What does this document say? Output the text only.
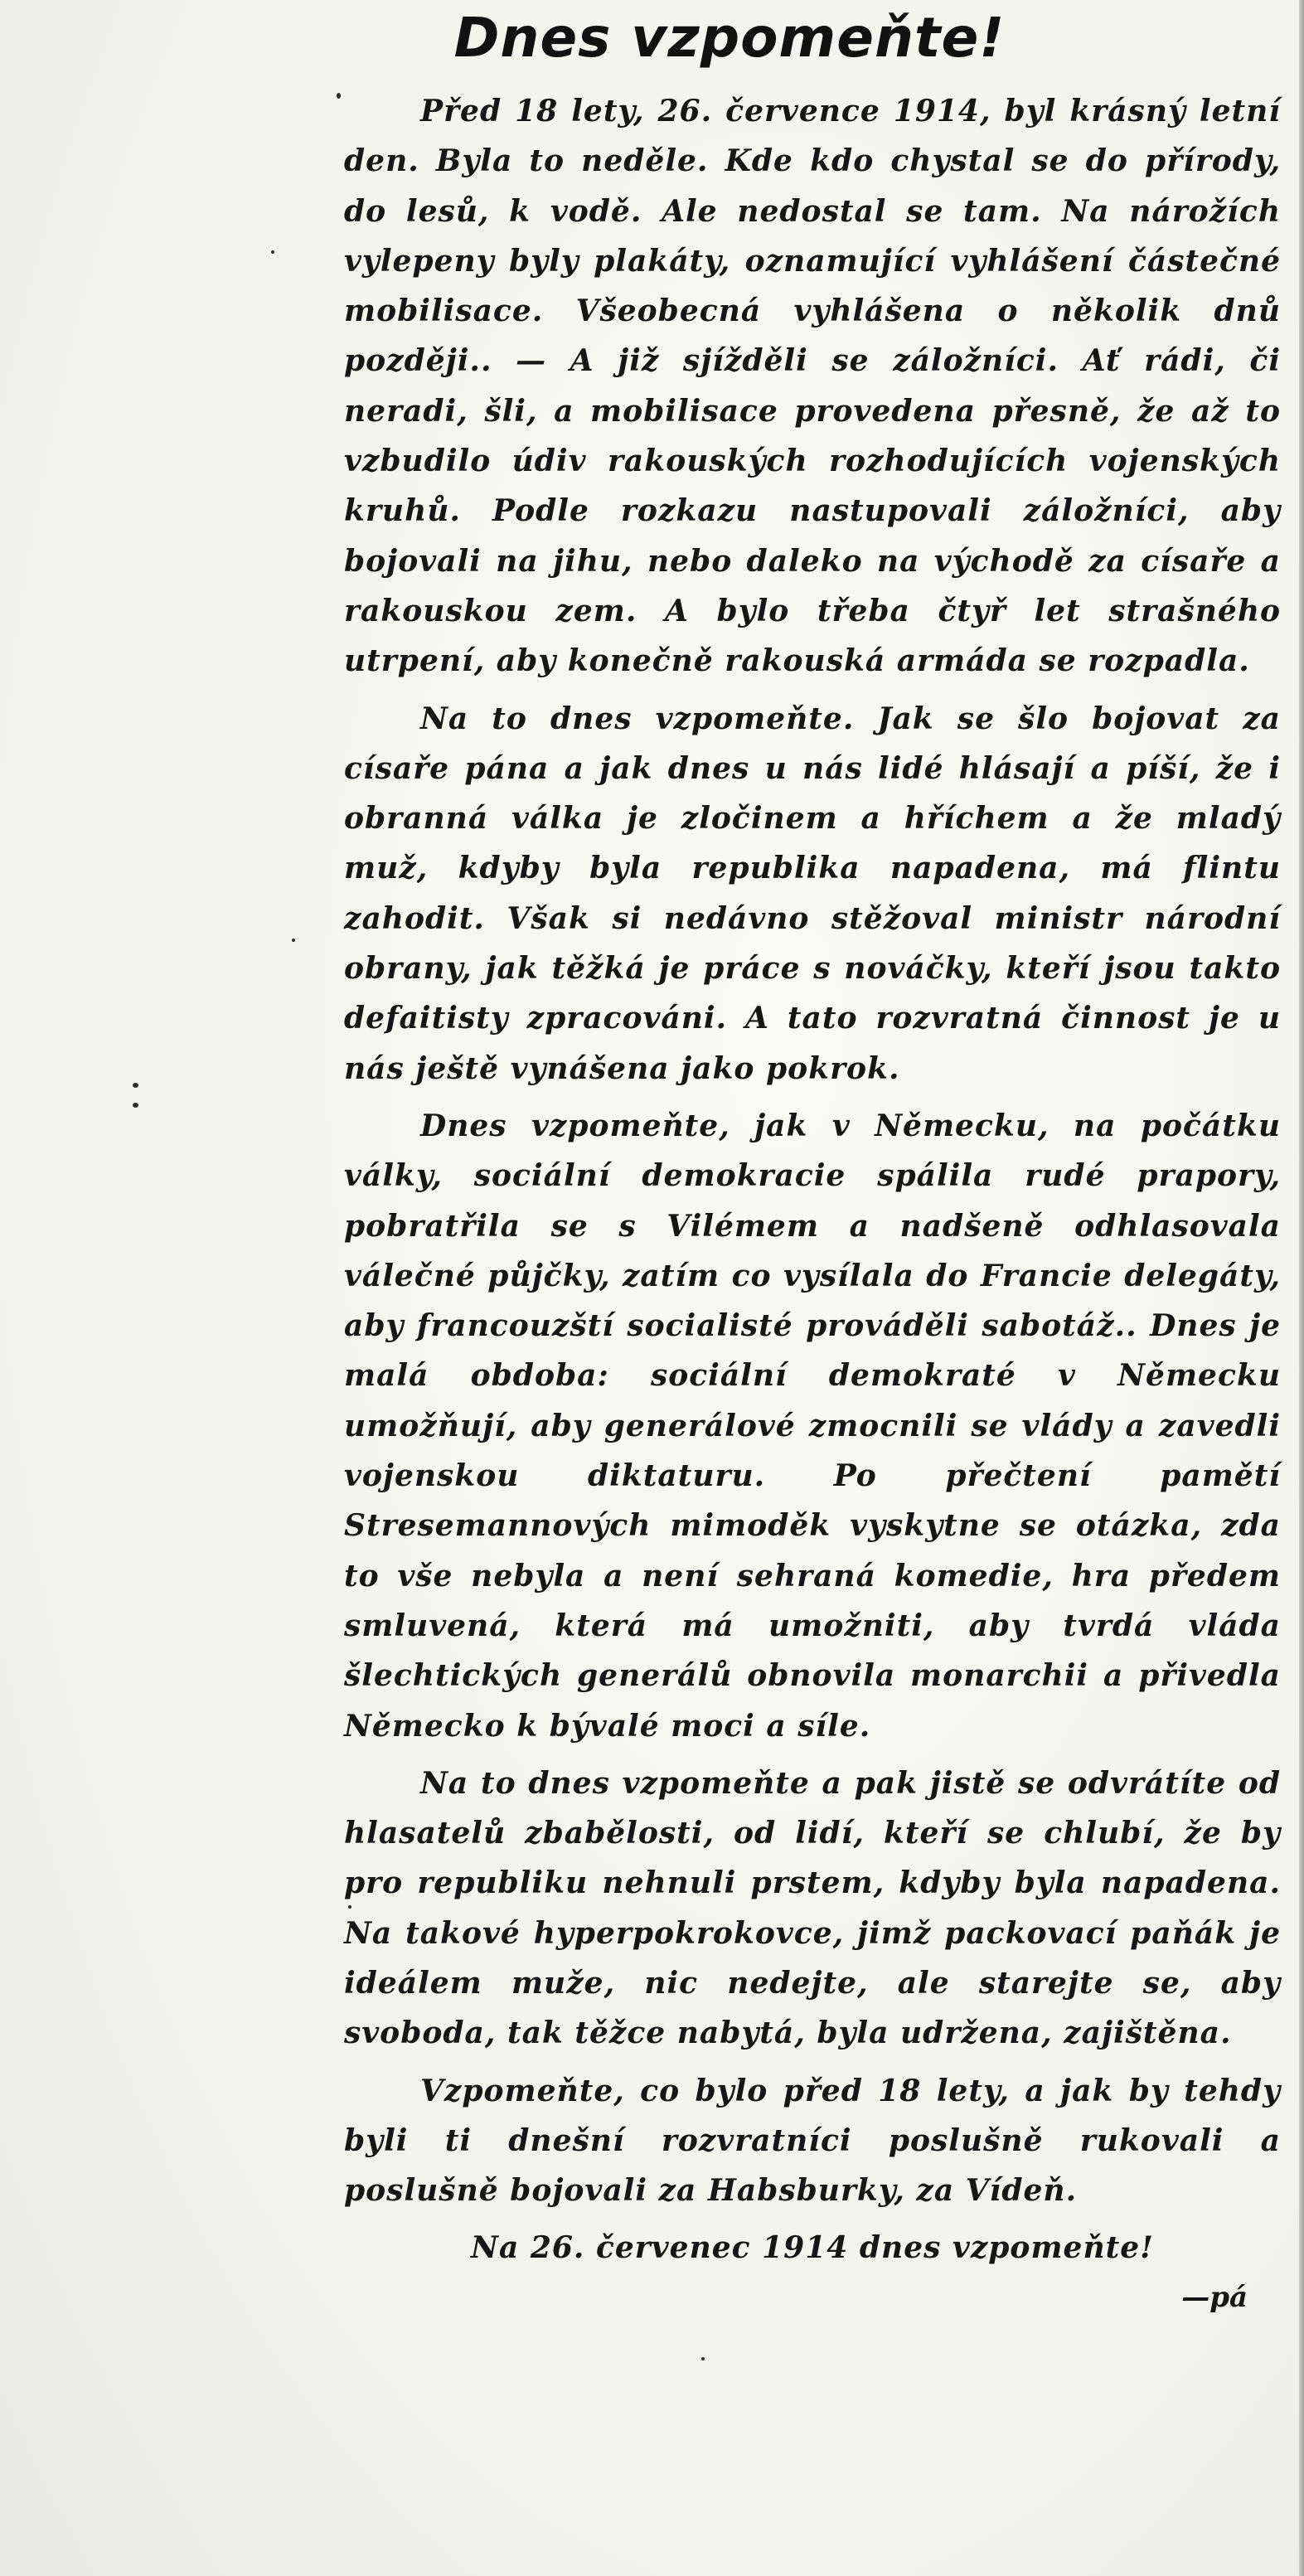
Dnes vzpomeňte!

Před 18 lety, 26. července 1914, byl krásný letní den. Byla to neděle. Kde kdo chystal se do přírody, do lesů, k vodě. Ale nedostal se tam. Na nárožích vylepeny byly plakáty, oznamující vyhlášení částečné mobilisace. Všeobecná vyhlášena o několik dnů později.. — A již sjížděli se záložníci. Ať rádi, či neradi, šli, a mobilisace provedena přesně, že až to vzbudilo údiv rakouských rozhodujících vojenských kruhů. Podle rozkazu nastupovali záložníci, aby bojovali na jihu, nebo daleko na východě za císaře a rakouskou zem. A bylo třeba čtyř let strašného utrpení, aby konečně rakouská armáda se rozpadla.

Na to dnes vzpomeňte. Jak se šlo bojovat za císaře pána a jak dnes u nás lidé hlásají a píší, že i obranná válka je zločinem a hříchem a že mladý muž, kdyby byla republika napadena, má flintu zahodit. Však si nedávno stěžoval ministr národní obrany, jak těžká je práce s nováčky, kteří jsou takto defaitisty zpracováni. A tato rozvratná činnost je u nás ještě vynášena jako pokrok.

Dnes vzpomeňte, jak v Německu, na počátku války, sociální demokracie spálila rudé prapory, pobratřila se s Vilémem a nadšeně odhlasovala válečné půjčky, zatím co vysílala do Francie delegáty, aby francouzští socialisté prováděli sabotáž.. Dnes je malá obdoba: sociální demokraté v Německu umožňují, aby generálové zmocnili se vlády a zavedli vojenskou diktaturu. Po přečtení pamětí Stresemannových mimoděk vyskytne se otázka, zda to vše nebyla a není sehraná komedie, hra předem smluvená, která má umožniti, aby tvrdá vláda šlechtických generálů obnovila monarchii a přivedla Německo k bývalé moci a síle.

Na to dnes vzpomeňte a pak jistě se odvrátíte od hlasatelů zbabělosti, od lidí, kteří se chlubí, že by pro republiku nehnuli prstem, kdyby byla napadena. Na takové hyperpokrokovce, jimž packovací paňák je ideálem muže, nic nedejte, ale starejte se, aby svoboda, tak těžce nabytá, byla udržena, zajištěna.

Vzpomeňte, co bylo před 18 lety, a jak by tehdy byli ti dnešní rozvratníci poslušně rukovali a poslušně bojovali za Habsburky, za Vídeň.

Na 26. červenec 1914 dnes vzpomeňte!

—pá
